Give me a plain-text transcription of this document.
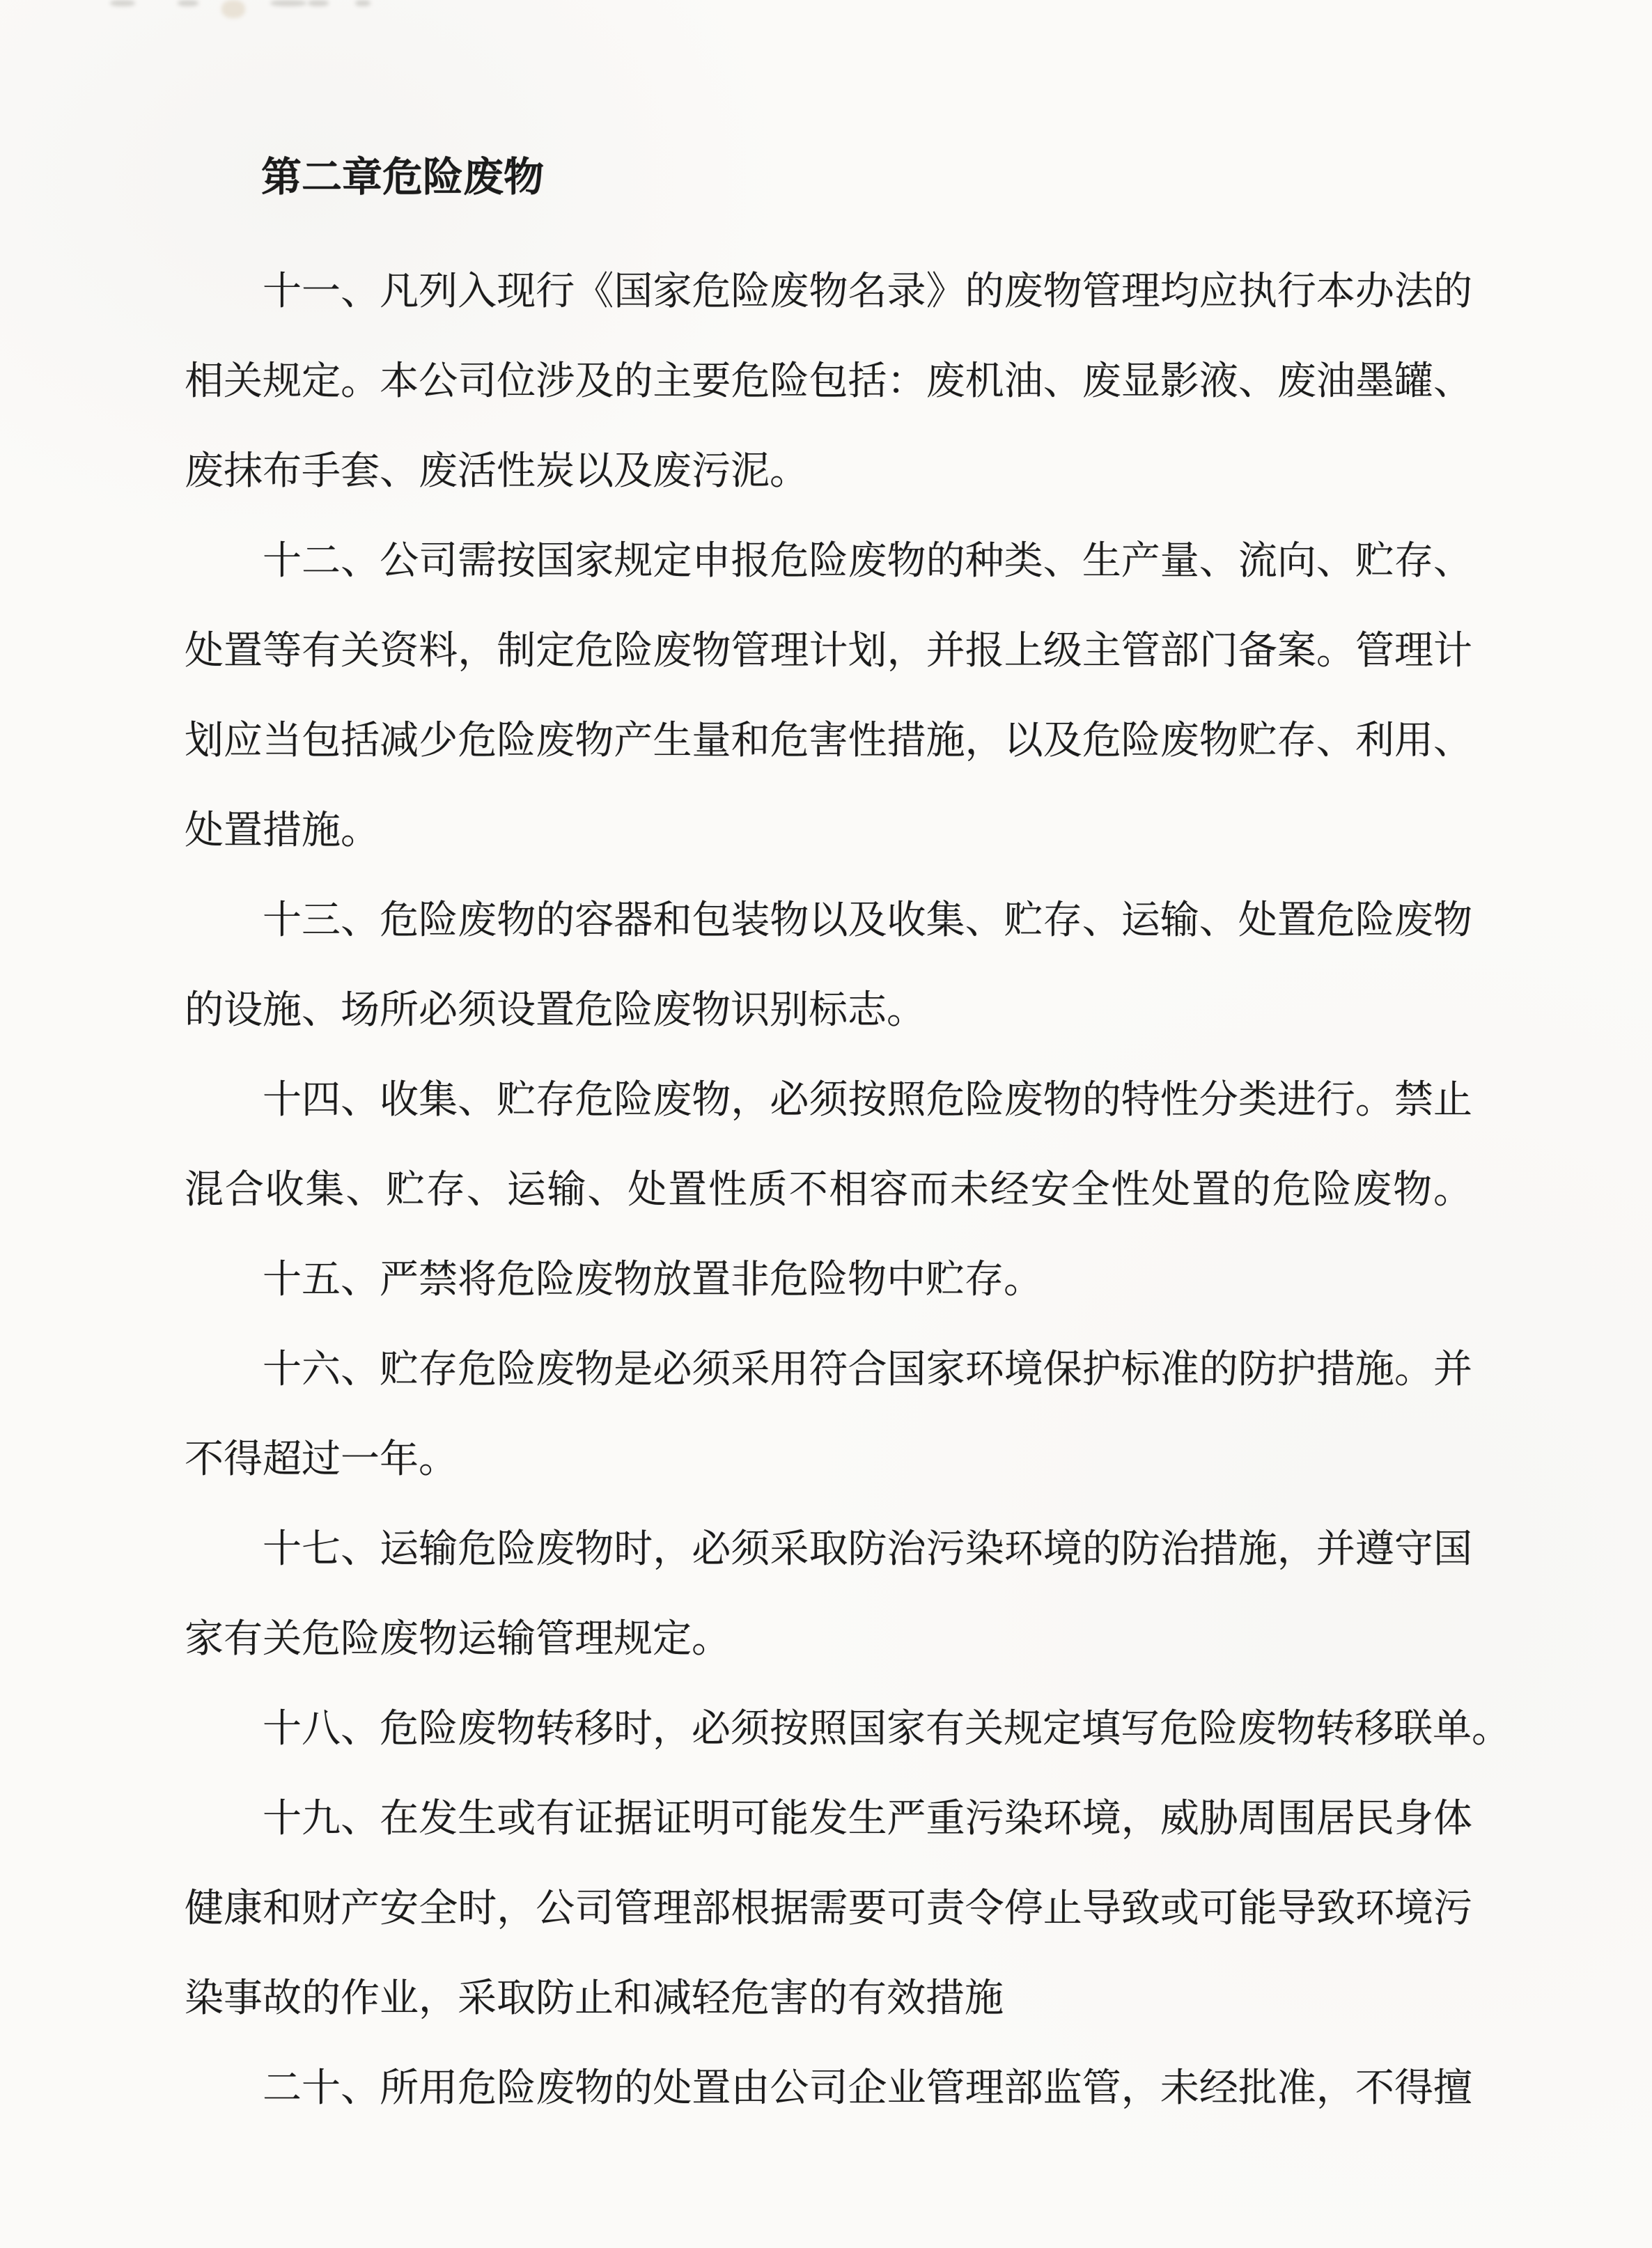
第二章危险废物
十一、凡列入现行《国家危险废物名录》的废物管理均应执行本办法的
相关规定。本公司位涉及的主要危险包括：废机油、废显影液、废油墨罐、
废抹布手套、废活性炭以及废污泥。
十二、公司需按国家规定申报危险废物的种类、生产量、流向、贮存、
处置等有关资料，制定危险废物管理计划，并报上级主管部门备案。管理计
划应当包括减少危险废物产生量和危害性措施，以及危险废物贮存、利用、
处置措施。
十三、危险废物的容器和包装物以及收集、贮存、运输、处置危险废物
的设施、场所必须设置危险废物识别标志。
十四、收集、贮存危险废物，必须按照危险废物的特性分类进行。禁止
混合收集、贮存、运输、处置性质不相容而未经安全性处置的危险废物。
十五、严禁将危险废物放置非危险物中贮存。
十六、贮存危险废物是必须采用符合国家环境保护标准的防护措施。并
不得超过一年。
十七、运输危险废物时，必须采取防治污染环境的防治措施，并遵守国
家有关危险废物运输管理规定。
十八、危险废物转移时，必须按照国家有关规定填写危险废物转移联单。
十九、在发生或有证据证明可能发生严重污染环境，威胁周围居民身体
健康和财产安全时，公司管理部根据需要可责令停止导致或可能导致环境污
染事故的作业，采取防止和减轻危害的有效措施
二十、所用危险废物的处置由公司企业管理部监管，未经批准，不得擅
